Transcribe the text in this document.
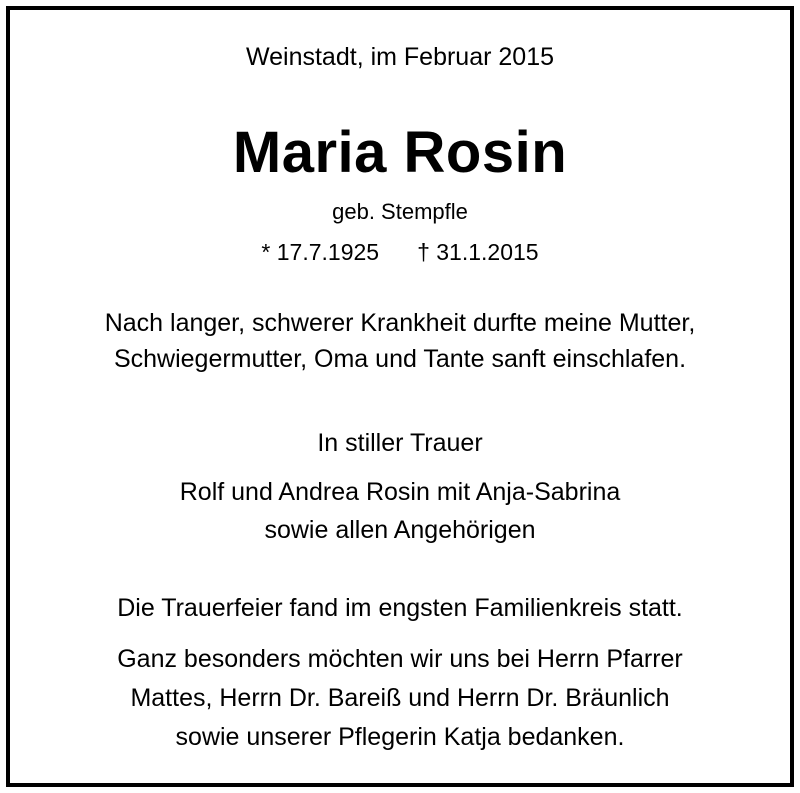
Weinstadt, im Februar 2015
Maria Rosin
geb. Stempfle
* 17.7.1925 † 31.1.2015
Nach langer, schwerer Krankheit durfte meine Mutter,
Schwiegermutter, Oma und Tante sanft einschlafen.
In stiller Trauer
Rolf und Andrea Rosin mit Anja-Sabrina
sowie allen Angehörigen
Die Trauerfeier fand im engsten Familienkreis statt.
Ganz besonders möchten wir uns bei Herrn Pfarrer
Mattes, Herrn Dr. Bareiß und Herrn Dr. Bräunlich
sowie unserer Pflegerin Katja bedanken.
